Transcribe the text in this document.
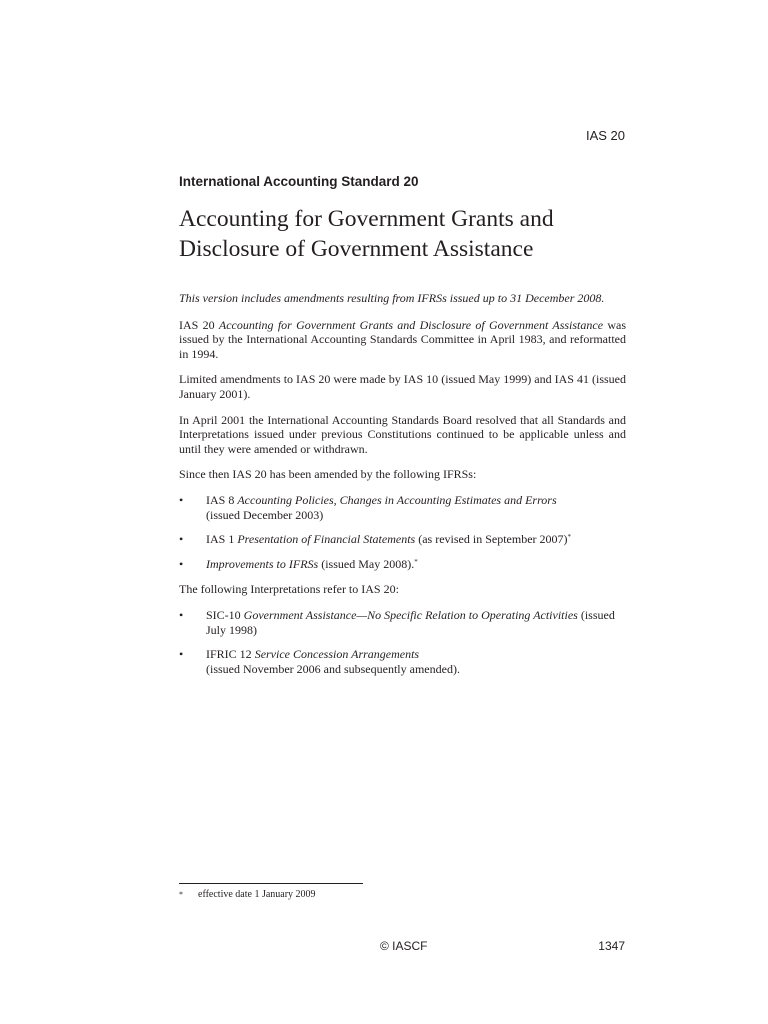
IAS 20
International Accounting Standard 20
Accounting for Government Grants and
Disclosure of Government Assistance

This version includes amendments resulting from IFRSs issued up to 31 December 2008.

IAS 20 Accounting for Government Grants and Disclosure of Government Assistance was issued by the International Accounting Standards Committee in April 1983, and reformatted in 1994.

Limited amendments to IAS 20 were made by IAS 10 (issued May 1999) and IAS 41 (issued January 2001).

In April 2001 the International Accounting Standards Board resolved that all Standards and Interpretations issued under previous Constitutions continued to be applicable unless and until they were amended or withdrawn.

Since then IAS 20 has been amended by the following IFRSs:

• IAS 8 Accounting Policies, Changes in Accounting Estimates and Errors
(issued December 2003)
• IAS 1 Presentation of Financial Statements (as revised in September 2007)*
• Improvements to IFRSs (issued May 2008).*

The following Interpretations refer to IAS 20:

• SIC-10 Government Assistance—No Specific Relation to Operating Activities (issued July 1998)
• IFRIC 12 Service Concession Arrangements
(issued November 2006 and subsequently amended).
* effective date 1 January 2009
© IASCF	1347
